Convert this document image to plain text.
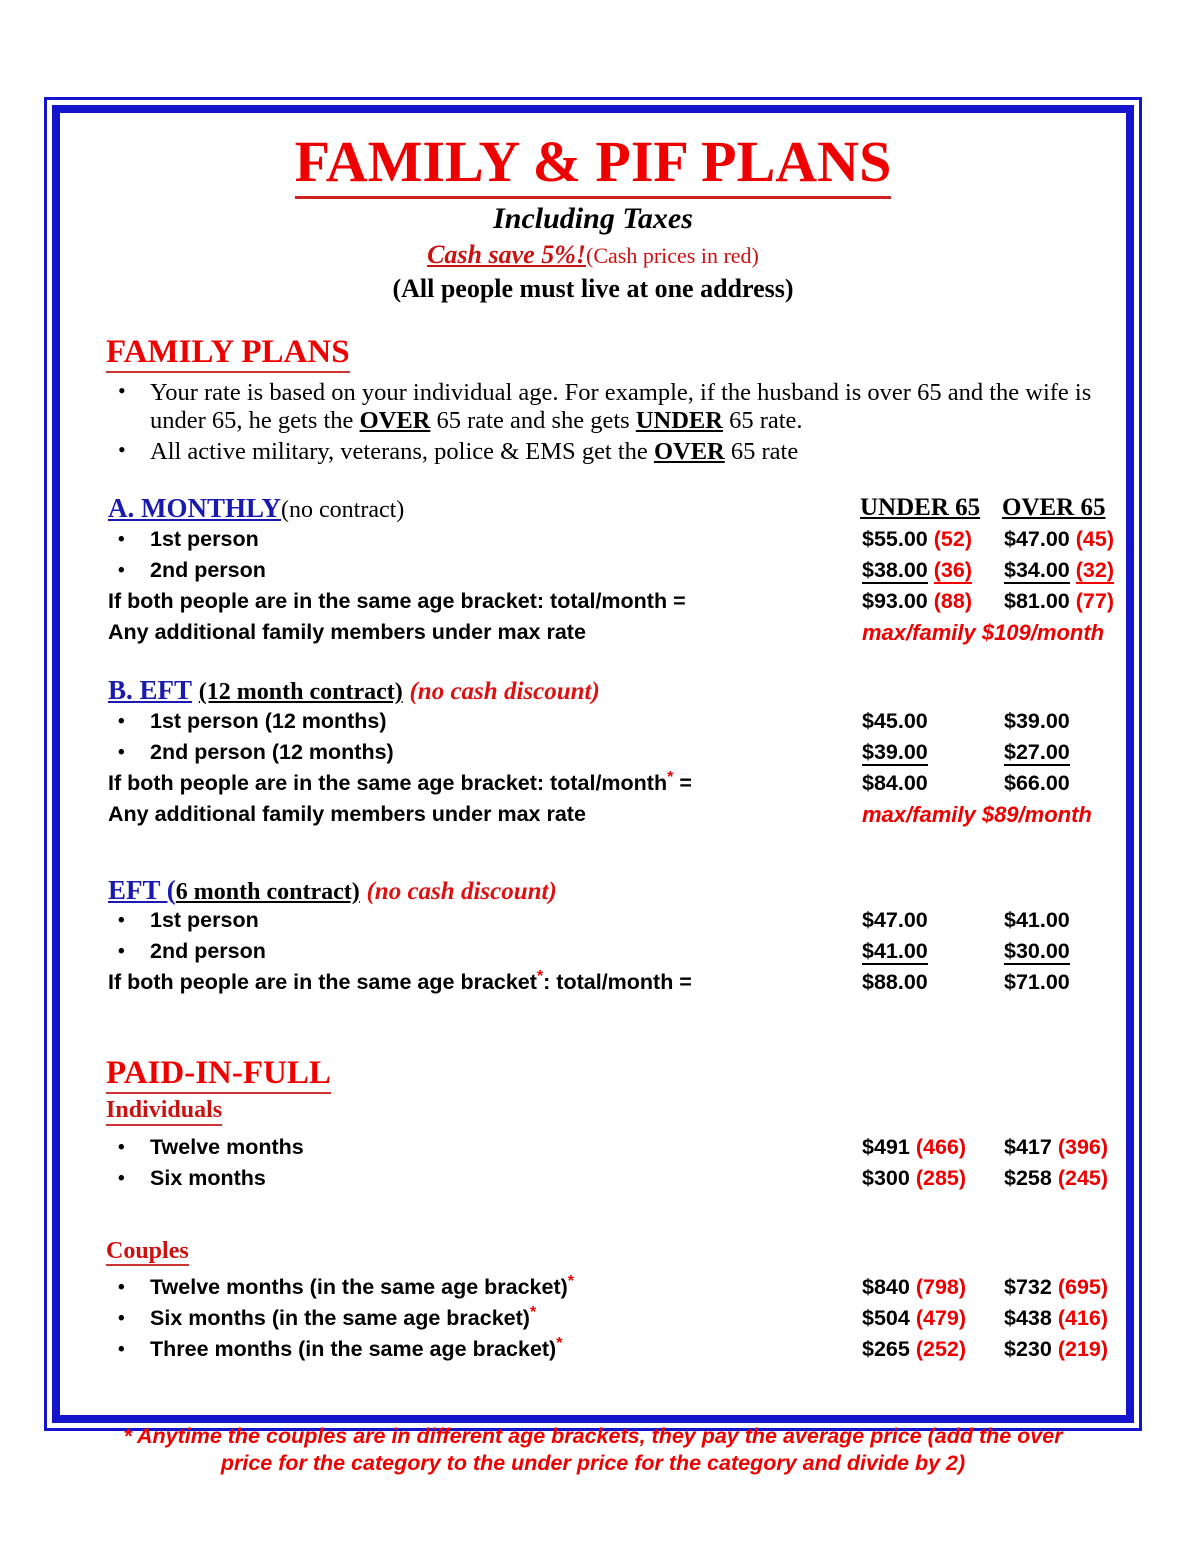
FAMILY & PIF PLANS
Including Taxes
Cash save 5%!(Cash prices in red)
(All people must live at one address)
FAMILY PLANS
• Your rate is based on your individual age. For example, if the husband is over 65 and the wife is under 65, he gets the OVER 65 rate and she gets UNDER 65 rate.
• All active military, veterans, police & EMS get the OVER 65 rate
A. MONTHLY(no contract)	UNDER 65 OVER 65
• 1st person	$55.00 (52) $47.00 (45)
• 2nd person	$38.00 (36) $34.00 (32)
If both people are in the same age bracket: total/month =	$93.00 (88) $81.00 (77)
Any additional family members under max rate	max/family $109/month
B. EFT (12 month contract) (no cash discount)
• 1st person (12 months)	$45.00	$39.00
• 2nd person (12 months)	$39.00	$27.00
If both people are in the same age bracket: total/month* =	$84.00	$66.00
Any additional family members under max rate	max/family $89/month
EFT (6 month contract) (no cash discount)
• 1st person	$47.00	$41.00
• 2nd person	$41.00	$30.00
If both people are in the same age bracket*: total/month =	$88.00	$71.00
PAID-IN-FULL
Individuals
• Twelve months	$491 (466) $417 (396)
• Six months	$300 (285) $258 (245)
Couples
• Twelve months (in the same age bracket)*	$840 (798) $732 (695)
• Six months (in the same age bracket)*	$504 (479) $438 (416)
• Three months (in the same age bracket)*	$265 (252) $230 (219)
* Anytime the couples are in different age brackets, they pay the average price (add the over
price for the category to the under price for the category and divide by 2)
